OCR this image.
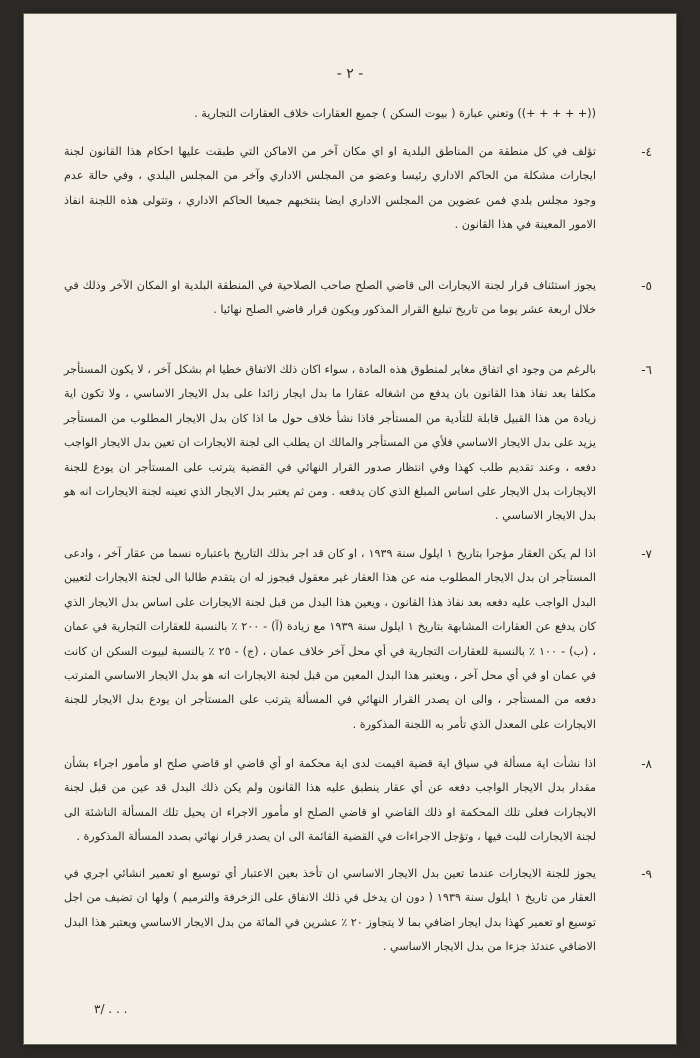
- ٢ -
((+ + + + +)) وتعني عبارة ( بيوت السكن ) جميع العقارات خلاف العقارات التجارية .
٤-
تؤلف في كل منطقة من المناطق البلدية او اي مكان آخر من الاماكن التي طبقت عليها احكام هذا القانون لجنة ايجارات مشكلة من الحاكم الاداري رئيسا وعضو من المجلس الاداري وآخر من المجلس البلدي ، وفي حالة عدم وجود مجلس بلدي فمن عضوين من المجلس الاداري ايضا ينتخبهم جميعا الحاكم الاداري ، وتتولى هذه اللجنة انفاذ الامور المعينة في هذا القانون .
٥-
يجوز استئناف قرار لجنة الايجارات الى قاضي الصلح صاحب الصلاحية في المنطقة البلدية او المكان الآخر وذلك في خلال اربعة عشر يوما من تاريخ تبليغ القرار المذكور ويكون قرار قاضي الصلح نهائيا .
٦-
بالرغم من وجود اي اتفاق مغاير لمنطوق هذه المادة ، سواء اكان ذلك الاتفاق خطيا ام بشكل آخر ، لا يكون المستأجر مكلفا بعد نفاذ هذا القانون بان يدفع من اشغاله عقارا ما بدل ايجار زائدا على بدل الايجار الاساسي ، ولا تكون اية زيادة من هذا القبيل قابلة للتأدية من المستأجر فاذا نشأ خلاف حول ما اذا كان بدل الايجار المطلوب من المستأجر يزيد على بدل الايجار الاساسي فلأي من المستأجر والمالك ان يطلب الى لجنة الايجارات ان تعين بدل الايجار الواجب دفعه ، وعند تقديم طلب كهذا وفي انتظار صدور القرار النهائي في القضية يترتب على المستأجر ان يودع للجنة الايجارات بدل الايجار على اساس المبلغ الذي كان يدفعه . ومن ثم يعتبر بدل الايجار الذي تعينه لجنة الايجارات انه هو بدل الايجار الاساسي .
٧-
اذا لم يكن العقار مؤجرا بتاريخ ١ ايلول سنة ١٩٣٩ ، او كان قد اجر بذلك التاريخ باعتباره نسما من عقار آخر ، وادعى المستأجر ان بدل الايجار المطلوب منه عن هذا العقار غير معقول فيجوز له ان يتقدم طالبا الى لجنة الايجارات لتعيين البدل الواجب عليه دفعه بعد نفاذ هذا القانون ، ويعين هذا البدل من قبل لجنة الايجارات على اساس بدل الايجار الذي كان يدفع عن العقارات المشابهة بتاريخ ١ ايلول سنة ١٩٣٩ مع زيادة (آ) - ٢٠٠ ٪ بالنسبة للعقارات التجارية في عمان ، (ب) - ١٠٠ ٪ بالنسبة للعقارات التجارية في أي محل آخر خلاف عمان ، (ج) - ٢٥ ٪ بالنسبة لبيوت السكن ان كانت في عمان او في أي محل آخر ، ويعتبر هذا البدل المعين من قبل لجنة الايجارات انه هو بدل الايجار الاساسي المترتب دفعه من المستأجر ، والى ان يصدر القرار النهائي في المسألة يترتب على المستأجر ان يودع بدل الايجار للجنة الايجارات على المعدل الذي تأمر به اللجنة المذكورة .
٨-
اذا نشأت اية مسألة في سياق اية قضية اقيمت لدى اية محكمة او أي قاضي او قاضي صلح او مأمور اجراء بشأن مقدار بدل الايجار الواجب دفعه عن أي عقار ينطبق عليه هذا القانون ولم يكن ذلك البدل قد عين من قبل لجنة الايجارات فعلى تلك المحكمة او ذلك القاضي او قاضي الصلح او مأمور الاجراء ان يحيل تلك المسألة الناشئة الى لجنة الايجارات للبت فيها ، وتؤجل الاجراءات في القضية القائمة الى ان يصدر قرار نهائي بصدد المسألة المذكورة .
٩-
يجوز للجنة الايجارات عندما تعين بدل الايجار الاساسي ان تأخذ بعين الاعتبار أي توسيع او تعمير انشائي اجري في العقار من تاريخ ١ ايلول سنة ١٩٣٩ ( دون ان يدخل في ذلك الانفاق على الزخرفة والترميم ) ولها ان تضيف من اجل توسيع او تعمير كهذا بدل ايجار اضافي بما لا يتجاوز ٢٠ ٪ عشرين في المائة من بدل الايجار الاساسي ويعتبر هذا البدل الاضافي عندئذ جزءا من بدل الايجار الاساسي .
٣/ . . .
